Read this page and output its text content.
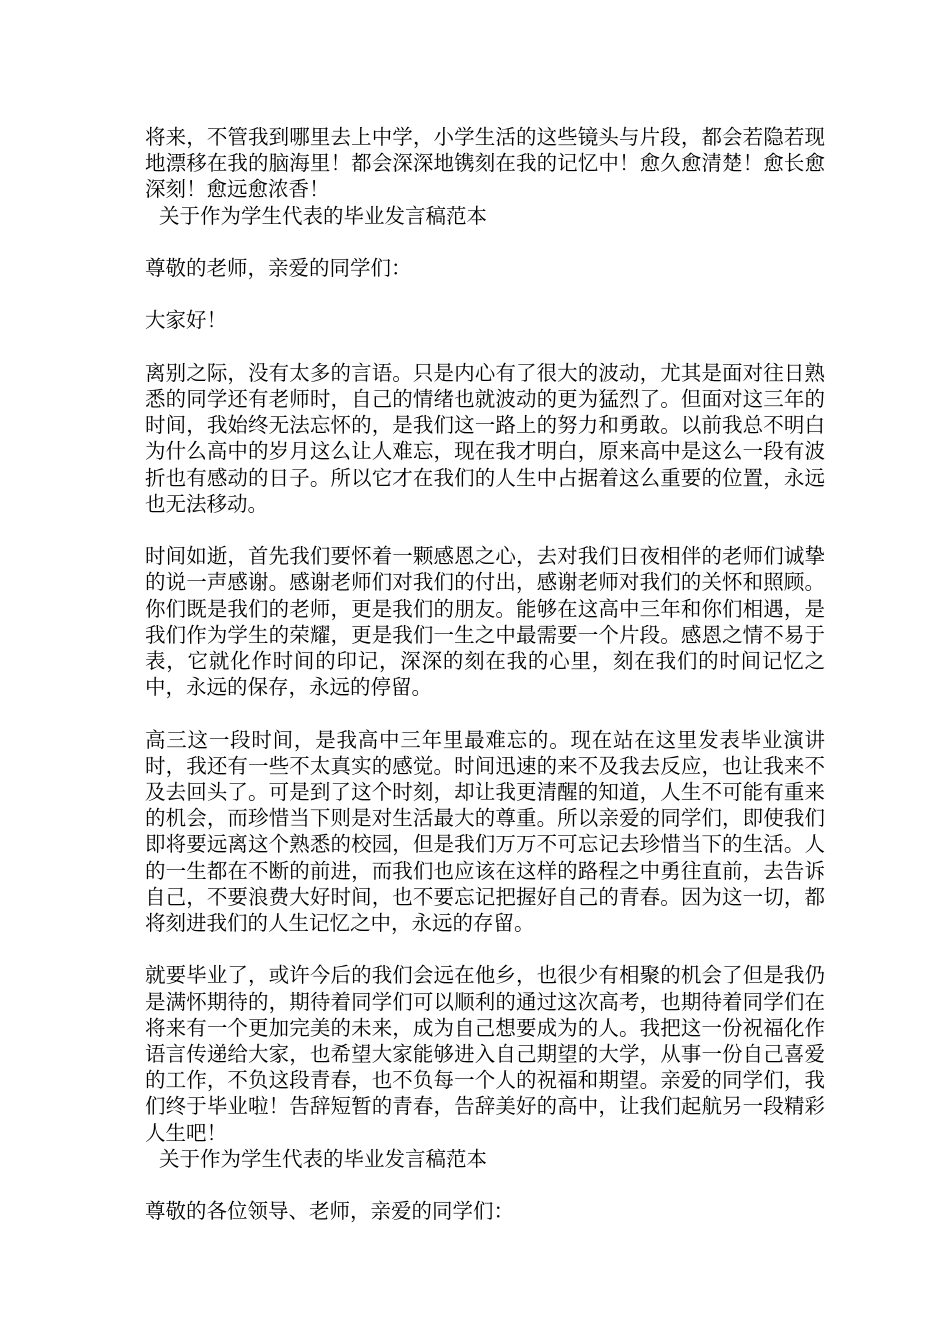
将来，不管我到哪里去上中学，小学生活的这些镜头与片段，都会若隐若现地漂移在我的脑海里！都会深深地镌刻在我的记忆中！愈久愈清楚！愈长愈深刻！愈远愈浓香！

关于作为学生代表的毕业发言稿范本

尊敬的老师，亲爱的同学们：

大家好！

离别之际，没有太多的言语。只是内心有了很大的波动，尤其是面对往日熟悉的同学还有老师时，自己的情绪也就波动的更为猛烈了。但面对这三年的时间，我始终无法忘怀的，是我们这一路上的努力和勇敢。以前我总不明白为什么高中的岁月这么让人难忘，现在我才明白，原来高中是这么一段有波折也有感动的日子。所以它才在我们的人生中占据着这么重要的位置，永远也无法移动。

时间如逝，首先我们要怀着一颗感恩之心，去对我们日夜相伴的老师们诚挚的说一声感谢。感谢老师们对我们的付出，感谢老师对我们的关怀和照顾。你们既是我们的老师，更是我们的朋友。能够在这高中三年和你们相遇，是我们作为学生的荣耀，更是我们一生之中最需要一个片段。感恩之情不易于表，它就化作时间的印记，深深的刻在我的心里，刻在我们的时间记忆之中，永远的保存，永远的停留。

高三这一段时间，是我高中三年里最难忘的。现在站在这里发表毕业演讲时，我还有一些不太真实的感觉。时间迅速的来不及我去反应，也让我来不及去回头了。可是到了这个时刻，却让我更清醒的知道，人生不可能有重来的机会，而珍惜当下则是对生活最大的尊重。所以亲爱的同学们，即使我们即将要远离这个熟悉的校园，但是我们万万不可忘记去珍惜当下的生活。人的一生都在不断的前进，而我们也应该在这样的路程之中勇往直前，去告诉自己，不要浪费大好时间，也不要忘记把握好自己的青春。因为这一切，都将刻进我们的人生记忆之中，永远的存留。

就要毕业了，或许今后的我们会远在他乡，也很少有相聚的机会了但是我仍是满怀期待的，期待着同学们可以顺利的通过这次高考，也期待着同学们在将来有一个更加完美的未来，成为自己想要成为的人。我把这一份祝福化作语言传递给大家，也希望大家能够进入自己期望的大学，从事一份自己喜爱的工作，不负这段青春，也不负每一个人的祝福和期望。亲爱的同学们，我们终于毕业啦！告辞短暂的青春，告辞美好的高中，让我们起航另一段精彩人生吧！

关于作为学生代表的毕业发言稿范本

尊敬的各位领导、老师，亲爱的同学们：
